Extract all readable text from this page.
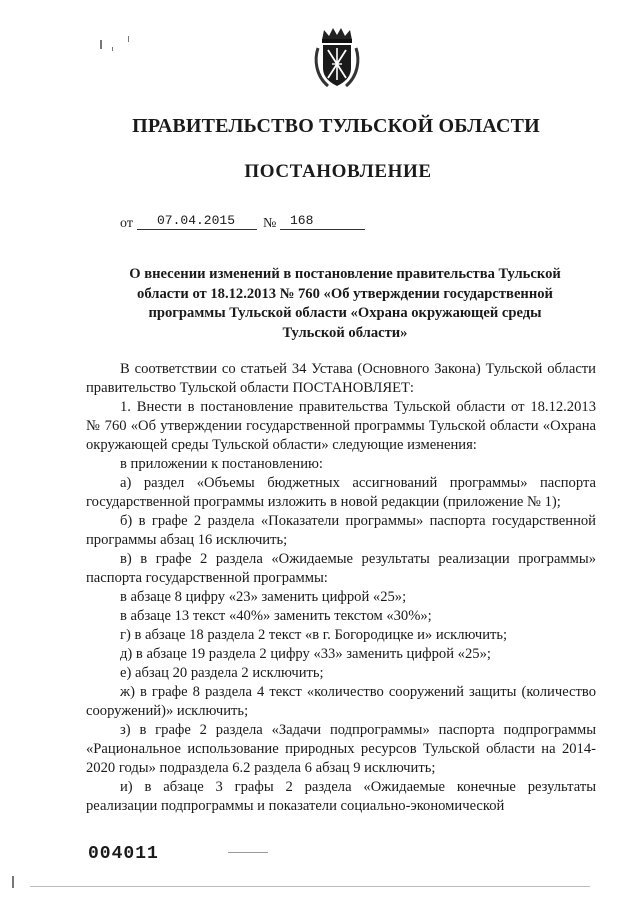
ПРАВИТЕЛЬСТВО ТУЛЬСКОЙ ОБЛАСТИ
ПОСТАНОВЛЕНИЕ
от	07.04.2015	№	168
О внесении изменений в постановление правительства Тульской
области от 18.12.2013 № 760 «Об утверждении государственной
программы Тульской области «Охрана окружающей среды
Тульской области»

В соответствии со статьей 34 Устава (Основного Закона) Тульской области правительство Тульской области ПОСТАНОВЛЯЕТ:

1. Внести в постановление правительства Тульской области от 18.12.2013 № 760 «Об утверждении государственной программы Тульской области «Охрана окружающей среды Тульской области» следующие изменения:

в приложении к постановлению:

а) раздел «Объемы бюджетных ассигнований программы» паспорта государственной программы изложить в новой редакции (приложение № 1);

б) в графе 2 раздела «Показатели программы» паспорта государственной программы абзац 16 исключить;

в) в графе 2 раздела «Ожидаемые результаты реализации программы» паспорта государственной программы:

в абзаце 8 цифру «23» заменить цифрой «25»;

в абзаце 13 текст «40%» заменить текстом «30%»;

г) в абзаце 18 раздела 2 текст «в г. Богородицке и» исключить;

д) в абзаце 19 раздела 2 цифру «33» заменить цифрой «25»;

е) абзац 20 раздела 2 исключить;

ж) в графе 8 раздела 4 текст «количество сооружений защиты (количество сооружений)» исключить;

з) в графе 2 раздела «Задачи подпрограммы» паспорта подпрограммы «Рациональное использование природных ресурсов Тульской области на 2014-2020 годы» подраздела 6.2 раздела 6 абзац 9 исключить;

и) в абзаце 3 графы 2 раздела «Ожидаемые конечные результаты реализации подпрограммы и показатели социально-экономической

004011
